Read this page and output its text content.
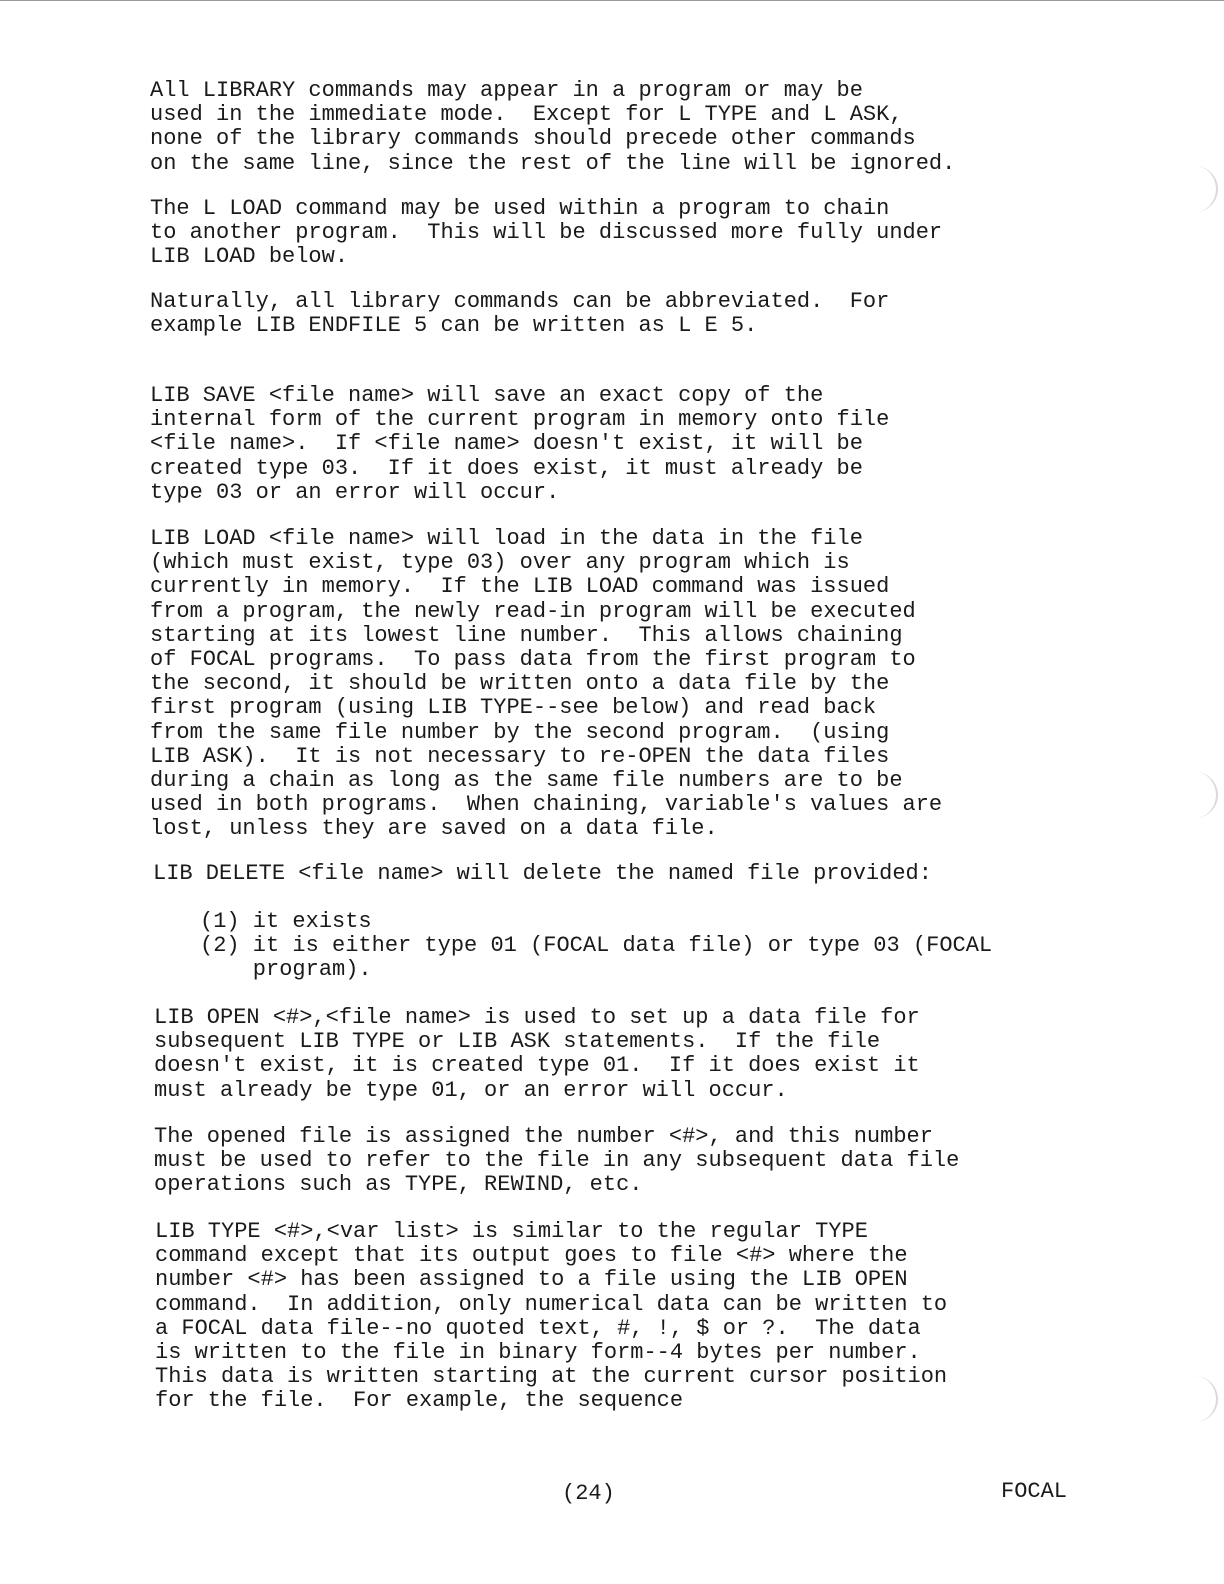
All LIBRARY commands may appear in a program or may be
used in the immediate mode.  Except for L TYPE and L ASK,
none of the library commands should precede other commands
on the same line, since the rest of the line will be ignored.
The L LOAD command may be used within a program to chain
to another program.  This will be discussed more fully under
LIB LOAD below.
Naturally, all library commands can be abbreviated.  For
example LIB ENDFILE 5 can be written as L E 5.
LIB SAVE <file name> will save an exact copy of the
internal form of the current program in memory onto file
<file name>.  If <file name> doesn't exist, it will be
created type 03.  If it does exist, it must already be
type 03 or an error will occur.
LIB LOAD <file name> will load in the data in the file
(which must exist, type 03) over any program which is
currently in memory.  If the LIB LOAD command was issued
from a program, the newly read-in program will be executed
starting at its lowest line number.  This allows chaining
of FOCAL programs.  To pass data from the first program to
the second, it should be written onto a data file by the
first program (using LIB TYPE--see below) and read back
from the same file number by the second program.  (using
LIB ASK).  It is not necessary to re-OPEN the data files
during a chain as long as the same file numbers are to be
used in both programs.  When chaining, variable's values are
lost, unless they are saved on a data file.
LIB DELETE <file name> will delete the named file provided:
(1) it exists
(2) it is either type 01 (FOCAL data file) or type 03 (FOCAL
program).
LIB OPEN <#>,<file name> is used to set up a data file for
subsequent LIB TYPE or LIB ASK statements.  If the file
doesn't exist, it is created type 01.  If it does exist it
must already be type 01, or an error will occur.
The opened file is assigned the number <#>, and this number
must be used to refer to the file in any subsequent data file
operations such as TYPE, REWIND, etc.
LIB TYPE <#>,<var list> is similar to the regular TYPE
command except that its output goes to file <#> where the
number <#> has been assigned to a file using the LIB OPEN
command.  In addition, only numerical data can be written to
a FOCAL data file--no quoted text, #, !, $ or ?.  The data
is written to the file in binary form--4 bytes per number.
This data is written starting at the current cursor position
for the file.  For example, the sequence
(24)	FOCAL
